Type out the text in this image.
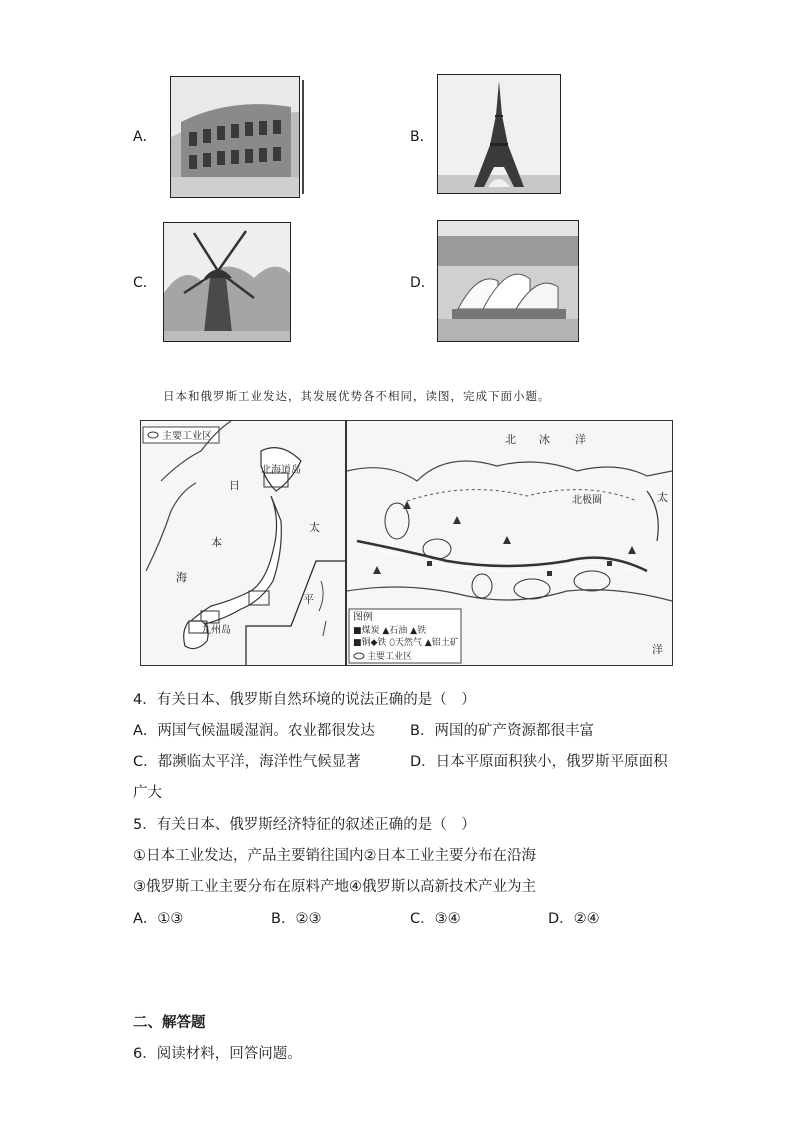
A．	B．
C．	D．
日本和俄罗斯工业发达，其发展优势各不相同，读图，完成下面小题。
主要工业区
北海道岛
九州岛
日
本
海
太
平
北 冰 洋
北极圈	太
洋
图例
■煤炭 ▲石油 ▲铁
■铜◆铁 ⬯天然气 ▲铝土矿
主要工业区
4．有关日本、俄罗斯自然环境的说法正确的是（　）
A．两国气候温暖湿润。农业都很发达 B．两国的矿产资源都很丰富
C．都濒临太平洋，海洋性气候显著	D．日本平原面积狭小，俄罗斯平原面积
广大
5．有关日本、俄罗斯经济特征的叙述正确的是（　）
①日本工业发达，产品主要销往国内②日本工业主要分布在沿海
③俄罗斯工业主要分布在原料产地④俄罗斯以高新技术产业为主
A．①③	B．②③	C．③④	D．②④
二、解答题
6．阅读材料，回答问题。
